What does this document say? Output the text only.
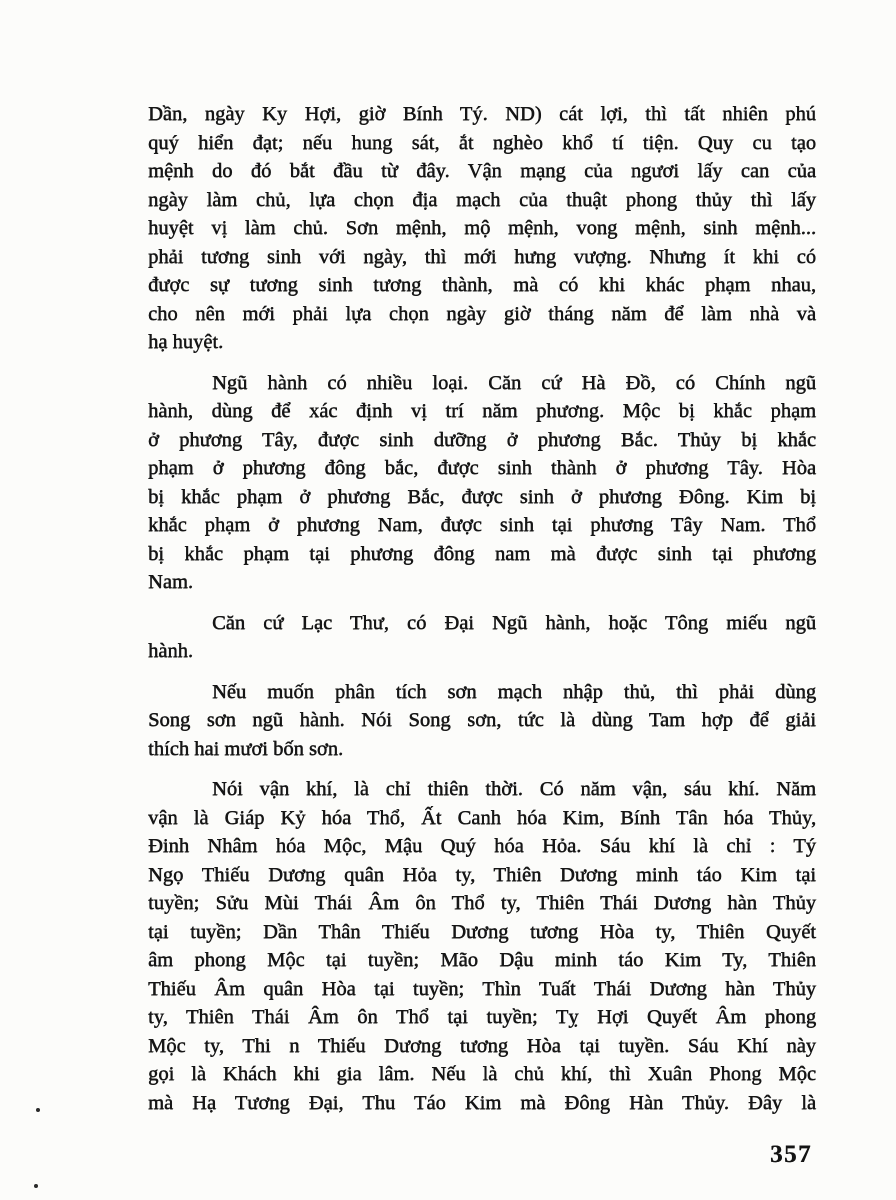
Dần, ngày Ky Hợi, giờ Bính Tý. ND) cát lợi, thì tất nhiên phú
quý hiển đạt; nếu hung sát, ắt nghèo khổ tí tiện. Quy cu tạo
mệnh do đó bắt đầu từ đây. Vận mạng của ngươi lấy can của
ngày làm chủ, lựa chọn địa mạch của thuật phong thủy thì lấy
huyệt vị làm chủ. Sơn mệnh, mộ mệnh, vong mệnh, sinh mệnh...
phải tương sinh với ngày, thì mới hưng vượng. Nhưng ít khi có
được sự tương sinh tương thành, mà có khi khác phạm nhau,
cho nên mới phải lựa chọn ngày giờ tháng năm để làm nhà và
hạ huyệt.
Ngũ hành có nhiều loại. Căn cứ Hà Đồ, có Chính ngũ
hành, dùng để xác định vị trí năm phương. Mộc bị khắc phạm
ở phương Tây, được sinh dưỡng ở phương Bắc. Thủy bị khắc
phạm ở phương đông bắc, được sinh thành ở phương Tây. Hòa
bị khắc phạm ở phương Bắc, được sinh ở phương Đông. Kim bị
khắc phạm ở phương Nam, được sinh tại phương Tây Nam. Thổ
bị khắc phạm tại phương đông nam mà được sinh tại phương
Nam.
Căn cứ Lạc Thư, có Đại Ngũ hành, hoặc Tông miếu ngũ
hành.
Nếu muốn phân tích sơn mạch nhập thủ, thì phải dùng
Song sơn ngũ hành. Nói Song sơn, tức là dùng Tam hợp để giải
thích hai mươi bốn sơn.
Nói vận khí, là chỉ thiên thời. Có năm vận, sáu khí. Năm
vận là Giáp Kỷ hóa Thổ, Ất Canh hóa Kim, Bính Tân hóa Thủy,
Đinh Nhâm hóa Mộc, Mậu Quý hóa Hỏa. Sáu khí là chỉ : Tý
Ngọ Thiếu Dương quân Hỏa ty, Thiên Dương minh táo Kim tại
tuyền; Sửu Mùi Thái Âm ôn Thổ ty, Thiên Thái Dương hàn Thủy
tại tuyền; Dần Thân Thiếu Dương tương Hòa ty, Thiên Quyết
âm phong Mộc tại tuyền; Mão Dậu minh táo Kim Ty, Thiên
Thiếu Âm quân Hòa tại tuyền; Thìn Tuất Thái Dương hàn Thủy
ty, Thiên Thái Âm ôn Thổ tại tuyền; Tỵ Hợi Quyết Âm phong
Mộc ty, Thi n Thiếu Dương tương Hòa tại tuyền. Sáu Khí này
gọi là Khách khi gia lâm. Nếu là chủ khí, thì Xuân Phong Mộc
mà Hạ Tương Đại, Thu Táo Kim mà Đông Hàn Thủy. Đây là
357
